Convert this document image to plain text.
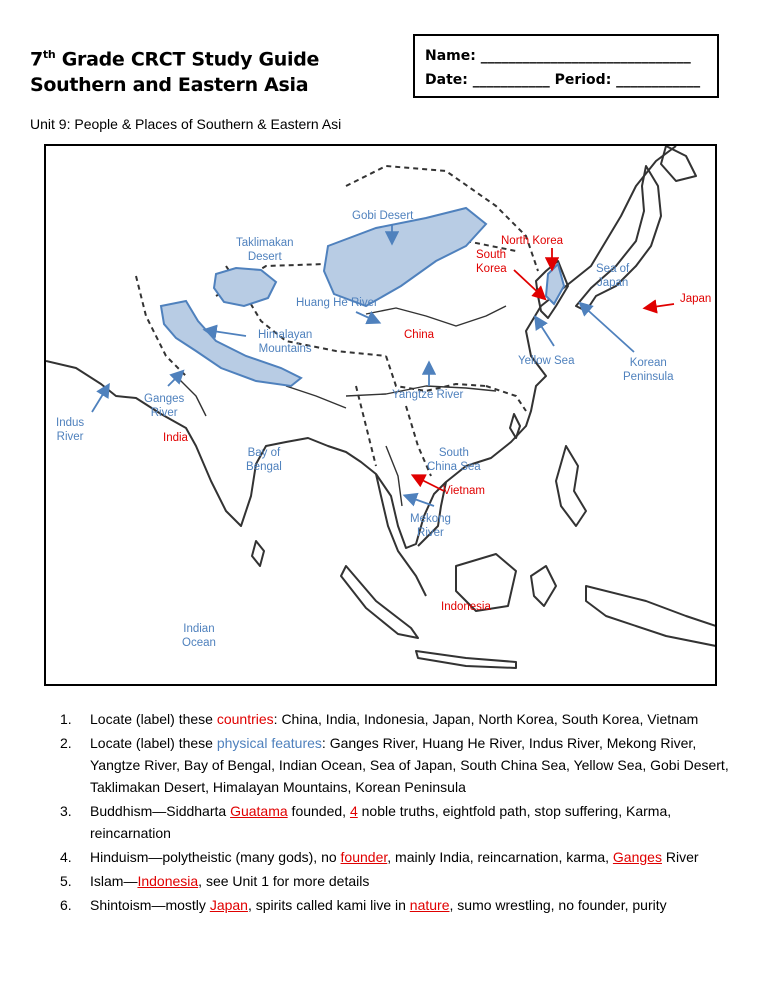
7th Grade CRCT Study Guide
Southern and Eastern Asia
Name: ______________________________
Date: ___________ Period: ____________
Unit 9: People & Places of Southern & Eastern Asi
Gobi Desert
Taklimakan
Desert
North Korea
South
Korea	Sea of
Japan
Japan
Huang He River
Himalayan
Mountains
China
Yellow Sea	Korean
Peninsula
Ganges
River
Indus
River
Yangtze River
India
Bay of
Bengal
South
China Sea
Vietnam
Mekong
River
Indonesia
Indian
Ocean
1. Locate (label) these countries: China, India, Indonesia, Japan, North Korea, South Korea, Vietnam
2. Locate (label) these physical features: Ganges River, Huang He River, Indus River, Mekong River, Yangtze River, Bay of Bengal, Indian Ocean, Sea of Japan, South China Sea, Yellow Sea, Gobi Desert, Taklimakan Desert, Himalayan Mountains, Korean Peninsula
3. Buddhism—Siddharta Guatama founded, 4 noble truths, eightfold path, stop suffering, Karma, reincarnation
4. Hinduism—polytheistic (many gods), no founder, mainly India, reincarnation, karma, Ganges River
5. Islam—Indonesia, see Unit 1 for more details
6. Shintoism—mostly Japan, spirits called kami live in nature, sumo wrestling, no founder, purity
